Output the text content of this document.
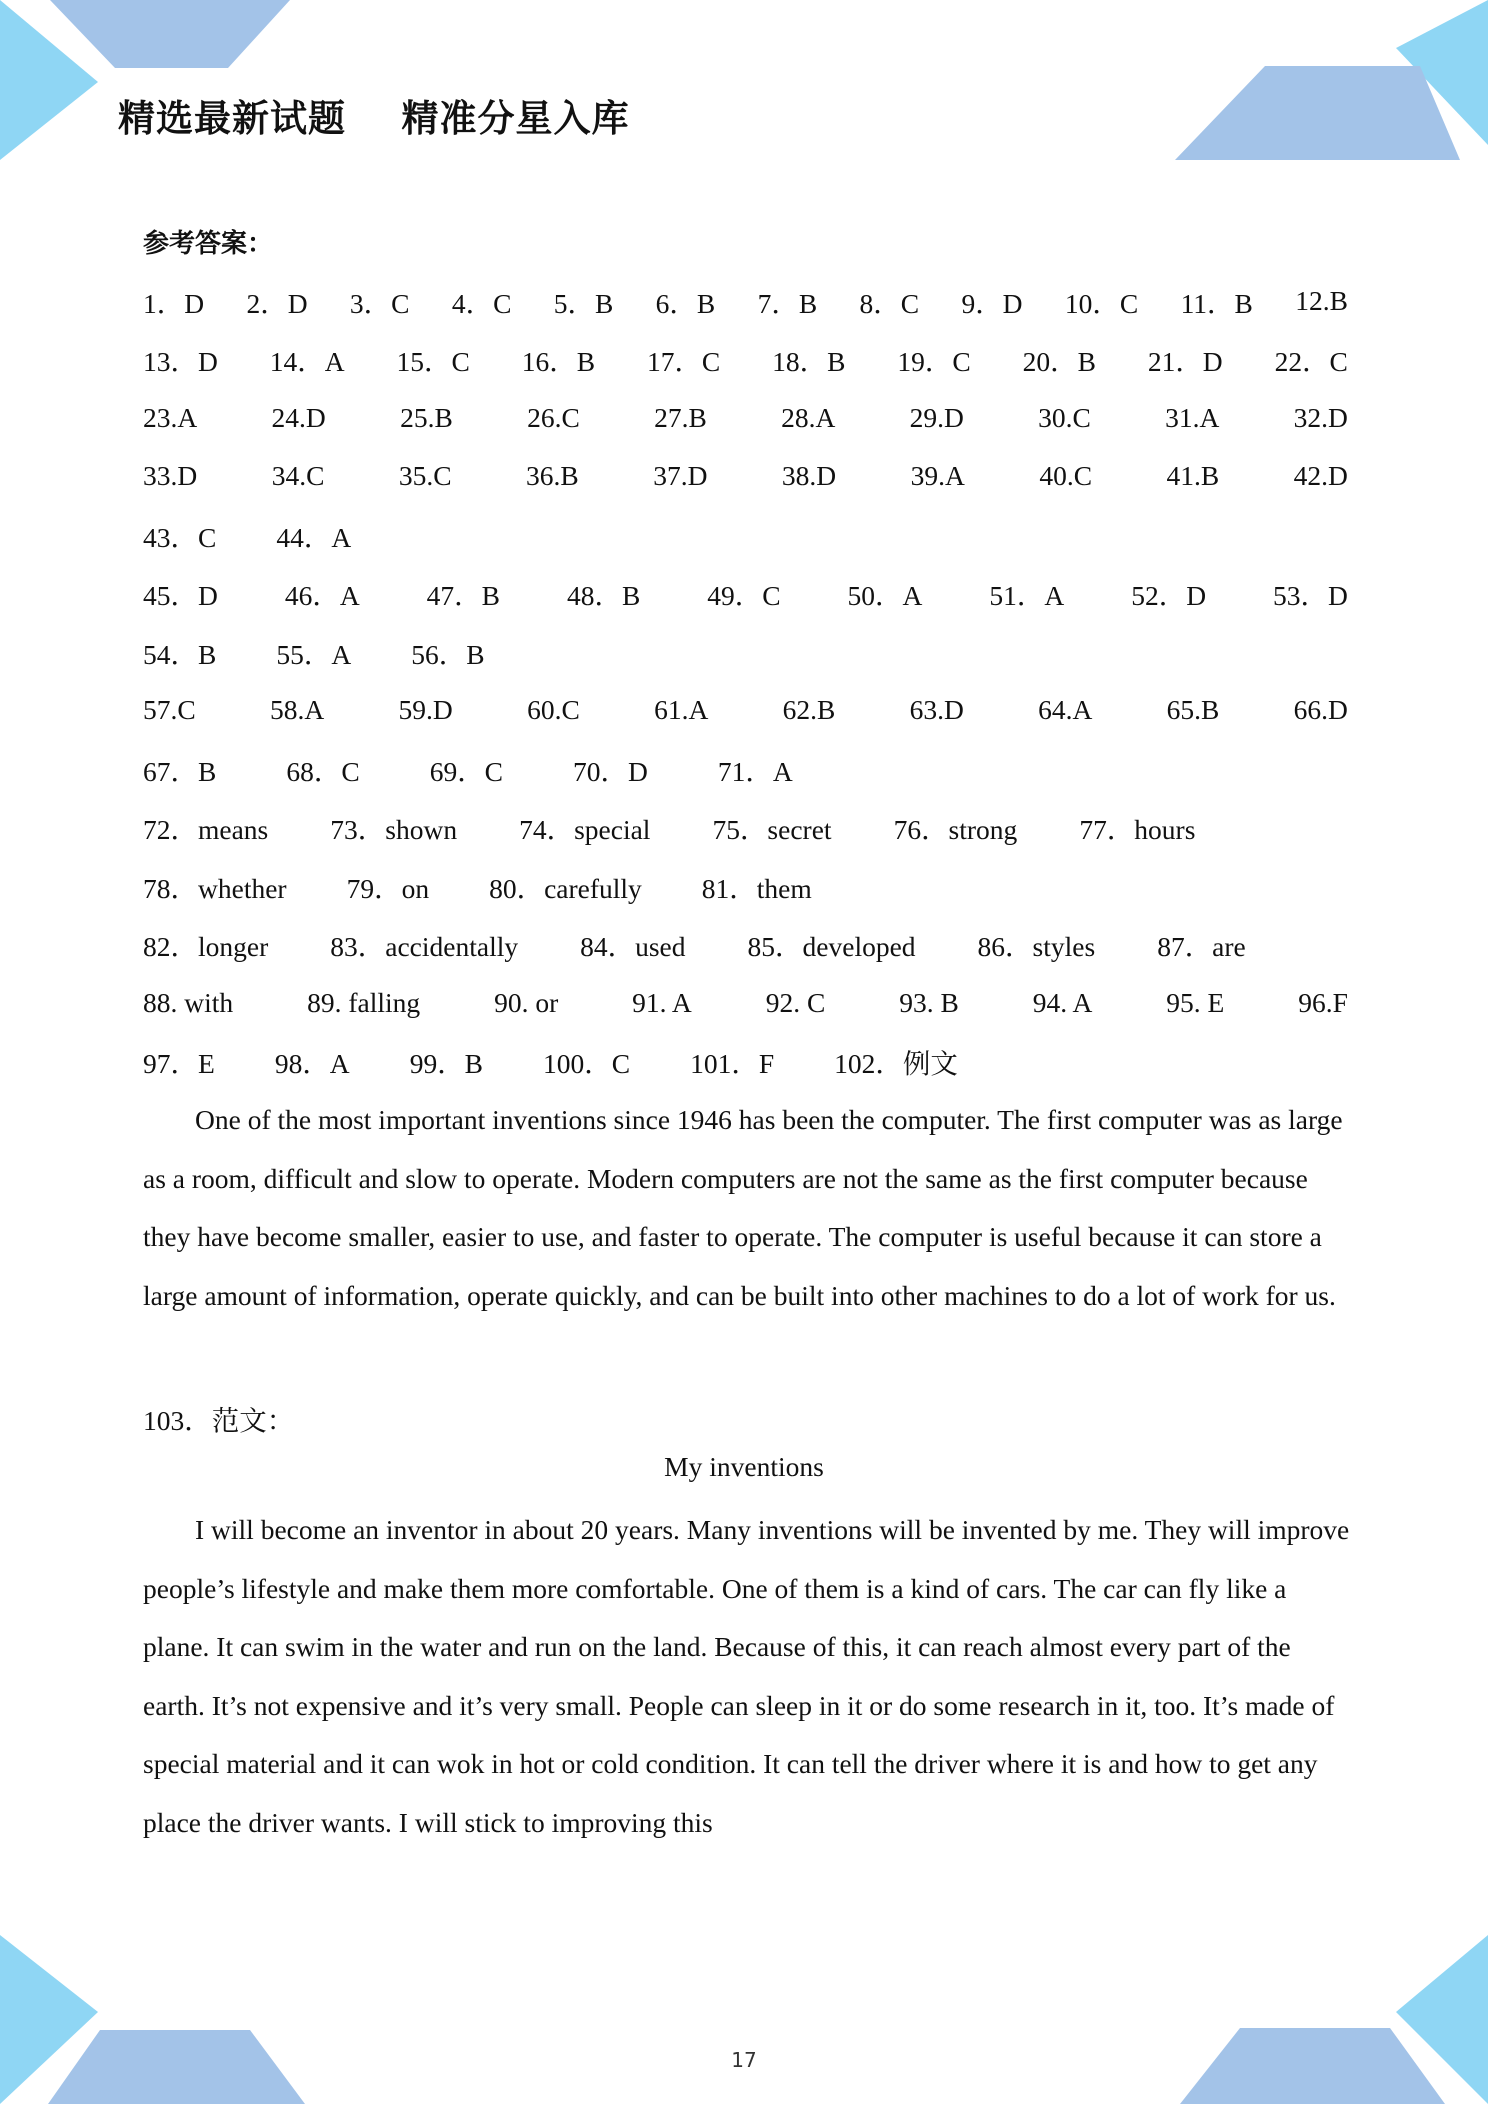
精选最新试题    精准分星入库
参考答案：
1．D 2．D 3．C 4．C 5．B 6．B 7．B 8．C 9．D 10．C 11．B 12.B
13．D 14．A 15．C 16．B 17．C 18．B 19．C 20．B 21．D 22．C
23.A	24.D	25.B	26.C	27.B	28.A	29.D	30.C	31.A	32.D
33.D	34.C	35.C	36.B	37.D	38.D	39.A	40.C	41.B	42.D
43．C 44．A
45．D 46．A 47．B 48．B 49．C 50．A 51．A 52．D 53．D
54．B 55．A 56．B
57.C	58.A	59.D	60.C	61.A	62.B	63.D	64.A	65.B	66.D
67．B	68．C	69．C	70．D	71．A
72．means 73．shown 74．special 75．secret 76．strong 77．hours
78．whether 79．on 80．carefully 81．them
82．longer 83．accidentally 84．used 85．developed 86．styles 87．are
88. with	89. falling	90. or	91. A	92. C	93. B	94. A	95. E	96.F
97．E 98．A 99．B 100．C 101．F 102．例文

One of the most important inventions since 1946 has been the computer. The first computer was as large as a room, difficult and slow to operate. Modern computers are not the same as the first computer because they have become smaller, easier to use, and faster to operate. The computer is useful because it can store a large amount of information, operate quickly, and can be built into other machines to do a lot of work for us.

103．范文：
My inventions

I will become an inventor in about 20 years. Many inventions will be invented by me. They will improve people’s lifestyle and make them more comfortable. One of them is a kind of cars. The car can fly like a plane. It can swim in the water and run on the land. Because of this, it can reach almost every part of the earth. It’s not expensive and it’s very small. People can sleep in it or do some research in it, too. It’s made of special material and it can wok in hot or cold condition. It can tell the driver where it is and how to get any place the driver wants. I will stick to improving this

17
